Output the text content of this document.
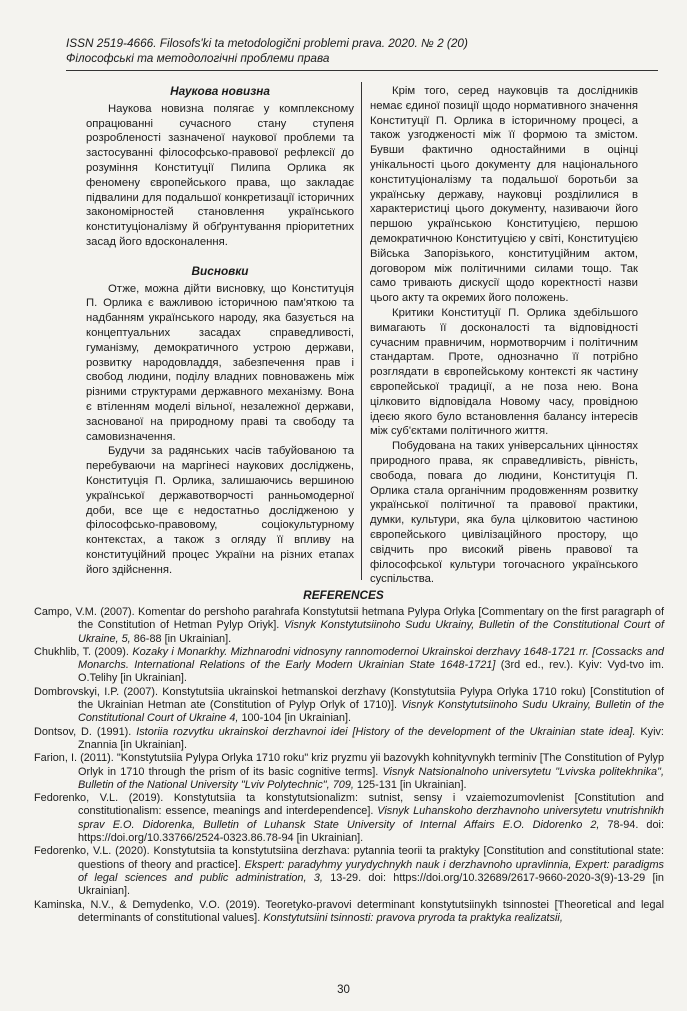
ISSN 2519-4666. Filosofs'ki ta metodologični problemi prava. 2020. № 2 (20)
Філософські та методологічні проблеми права
Наукова новизна

Наукова новизна полягає у комплексному опрацюванні сучасного стану ступеня розробленості зазначеної наукової проблеми та застосуванні філософсько-правової рефлексії до розуміння Конституції Пилипа Орлика як феномену європейського права, що закладає підвалини для подальшої конкретизації історичних закономірностей становлення українського конституціоналізму й обґрунтування пріоритетних засад його вдосконалення.

Висновки

Отже, можна дійти висновку, що Конституція П. Орлика є важливою історичною пам'яткою та надбанням українського народу, яка базується на концептуальних засадах справедливості, гуманізму, демократичного устрою держави, розвитку народовладдя, забезпечення прав і свобод людини, поділу владних повноважень між різними структурами державного механізму. Вона є втіленням моделі вільної, незалежної держави, заснованої на природному праві та свободу та самовизначення.

Будучи за радянських часів табуйованою та перебуваючи на маргінесі наукових досліджень, Конституція П. Орлика, залишаючись вершиною української державотворчості ранньомодерної доби, все ще є недостатньо дослідженою у філософсько-правовому, соціокультурному контекстах, а також з огляду її впливу на конституційний процес України на різних етапах його здійснення.

Крім того, серед науковців та дослідників немає єдиної позиції щодо нормативного значення Конституції П. Орлика в історичному процесі, а також узгодженості між її формою та змістом. Бувши фактично одностайними в оцінці унікальності цього документу для національного конституціоналізму та подальшої боротьби за українську державу, науковці розділилися в характеристиці цього документу, називаючи його першою українською Конституцією, першою демократичною Конституцією у світі, Конституцією Війська Запорізького, конституційним актом, договором між політичними силами тощо. Так само тривають дискусії щодо коректності назви цього акту та окремих його положень.

Критики Конституції П. Орлика здебільшого вимагають її досконалості та відповідності сучасним правничим, нормотворчим і політичним стандартам. Проте, однозначно її потрібно розглядати в європейському контексті як частину європейської традиції, а не поза нею. Вона цілковито відповідала Новому часу, провідною ідеєю якого було встановлення балансу інтересів між суб'єктами політичного життя.

Побудована на таких універсальних цінностях природного права, як справедливість, рівність, свобода, повага до людини, Конституція П. Орлика стала органічним продовженням розвитку української політичної та правової практики, думки, культури, яка була цілковитою частиною європейського цивілізаційного простору, що свідчить про високий рівень правової та філософської культури тогочасного українського суспільства.

REFERENCES
Campo, V.M. (2007). Komentar do pershoho parahrafa Konstytutsii hetmana Pylypa Orlyka [Commentary on the first paragraph of the Constitution of Hetman Pylyp Oriyk]. Visnyk Konstytutsiinoho Sudu Ukrainy, Bulletin of the Constitutional Court of Ukraine, 5, 86-88 [in Ukrainian].
Chukhlib, T. (2009). Kozaky i Monarkhy. Mizhnarodni vidnosyny rannomodernoi Ukrainskoi derzhavy 1648-1721 rr. [Cossacks and Monarchs. International Relations of the Early Modern Ukrainian State 1648-1721] (3rd ed., rev.). Kyiv: Vyd-tvo im. O.Telihy [in Ukrainian].
Dombrovskyi, I.P. (2007). Konstytutsiia ukrainskoi hetmanskoi derzhavy (Konstytutsiia Pylypa Orlyka 1710 roku) [Constitution of the Ukrainian Hetman ate (Constitution of Pylyp Orlyk of 1710)]. Visnyk Konstytutsiinoho Sudu Ukrainy, Bulletin of the Constitutional Court of Ukraine 4, 100-104 [in Ukrainian].
Dontsov, D. (1991). Istoriia rozvytku ukrainskoi derzhavnoi idei [History of the development of the Ukrainian state idea]. Kyiv: Znannia [in Ukrainian].
Farion, I. (2011). "Konstytutsiia Pylypa Orlyka 1710 roku" kriz pryzmu yii bazovykh kohnityvnykh terminiv [The Constitution of Pylyp Orlyk in 1710 through the prism of its basic cognitive terms]. Visnyk Natsionalnoho universytetu "Lvivska politekhnika", Bulletin of the National University "Lviv Polytechnic", 709, 125-131 [in Ukrainian].
Fedorenko, V.L. (2019). Konstytutsiia ta konstytutsionalizm: sutnist, sensy i vzaiemozumovlenist [Constitution and constitutionalism: essence, meanings and interdependence]. Visnyk Luhanskoho derzhavnoho universytetu vnutrishnikh sprav E.O. Didorenka, Bulletin of Luhansk State University of Internal Affairs E.O. Didorenko 2, 78-94. doi: https://doi.org/10.33766/2524-0323.86.78-94 [in Ukrainian].
Fedorenko, V.L. (2020). Konstytutsiia ta konstytutsiina derzhava: pytannia teorii ta praktyky [Constitution and constitutional state: questions of theory and practice]. Ekspert: paradyhmy yurydychnykh nauk i derzhavnoho upravlinnia, Expert: paradigms of legal sciences and public administration, 3, 13-29. doi: https://doi.org/10.32689/2617-9660-2020-3(9)-13-29 [in Ukrainian].
Kaminska, N.V., & Demydenko, V.O. (2019). Teoretyko-pravovi determinant konstytutsiinykh tsinnostei [Theoretical and legal determinants of constitutional values]. Konstytutsiini tsinnosti: pravova pryroda ta praktyka realizatsii,
30
